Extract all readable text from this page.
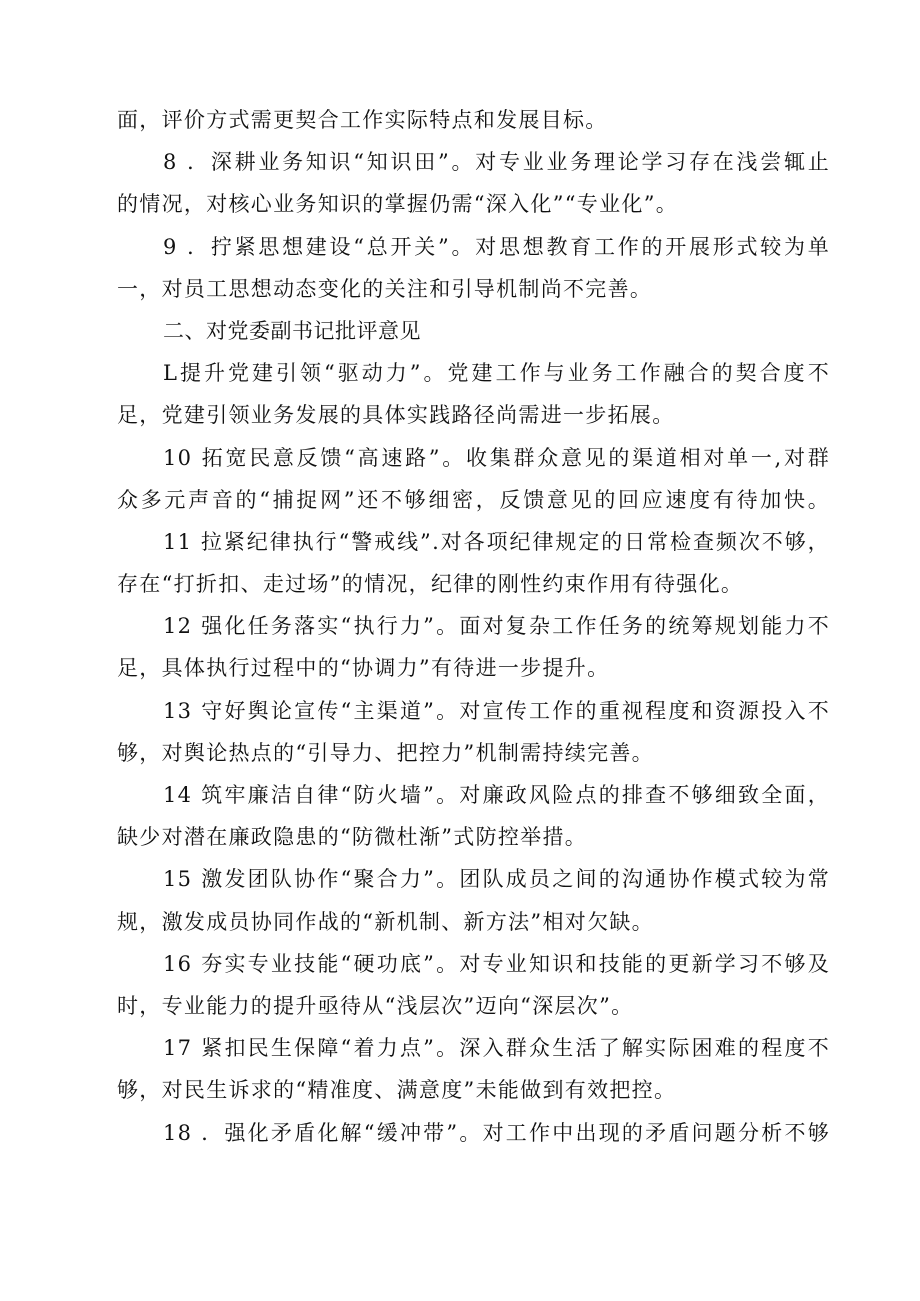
面，评价方式需更契合工作实际特点和发展目标。
8 ．深耕业务知识“知识田”。对专业业务理论学习存在浅尝辄止
的情况，对核心业务知识的掌握仍需“深入化”“专业化”。
9 ．拧紧思想建设“总开关”。对思想教育工作的开展形式较为单
一，对员工思想动态变化的关注和引导机制尚不完善。
二、对党委副书记批评意见
L提升党建引领“驱动力”。党建工作与业务工作融合的契合度不
足，党建引领业务发展的具体实践路径尚需进一步拓展。
10 拓宽民意反馈“高速路”。收集群众意见的渠道相对单一,对群
众多元声音的“捕捉网”还不够细密，反馈意见的回应速度有待加快。
11 拉紧纪律执行“警戒线”.对各项纪律规定的日常检查频次不够，
存在“打折扣、走过场”的情况，纪律的刚性约束作用有待强化。
12 强化任务落实“执行力”。面对复杂工作任务的统筹规划能力不
足，具体执行过程中的“协调力”有待进一步提升。
13 守好舆论宣传“主渠道”。对宣传工作的重视程度和资源投入不
够，对舆论热点的“引导力、把控力”机制需持续完善。
14 筑牢廉洁自律“防火墙”。对廉政风险点的排查不够细致全面，
缺少对潜在廉政隐患的“防微杜渐”式防控举措。
15 激发团队协作“聚合力”。团队成员之间的沟通协作模式较为常
规，激发成员协同作战的“新机制、新方法”相对欠缺。
16 夯实专业技能“硬功底”。对专业知识和技能的更新学习不够及
时，专业能力的提升亟待从“浅层次”迈向“深层次”。
17 紧扣民生保障“着力点”。深入群众生活了解实际困难的程度不
够，对民生诉求的“精准度、满意度”未能做到有效把控。
18 ．强化矛盾化解“缓冲带”。对工作中出现的矛盾问题分析不够
